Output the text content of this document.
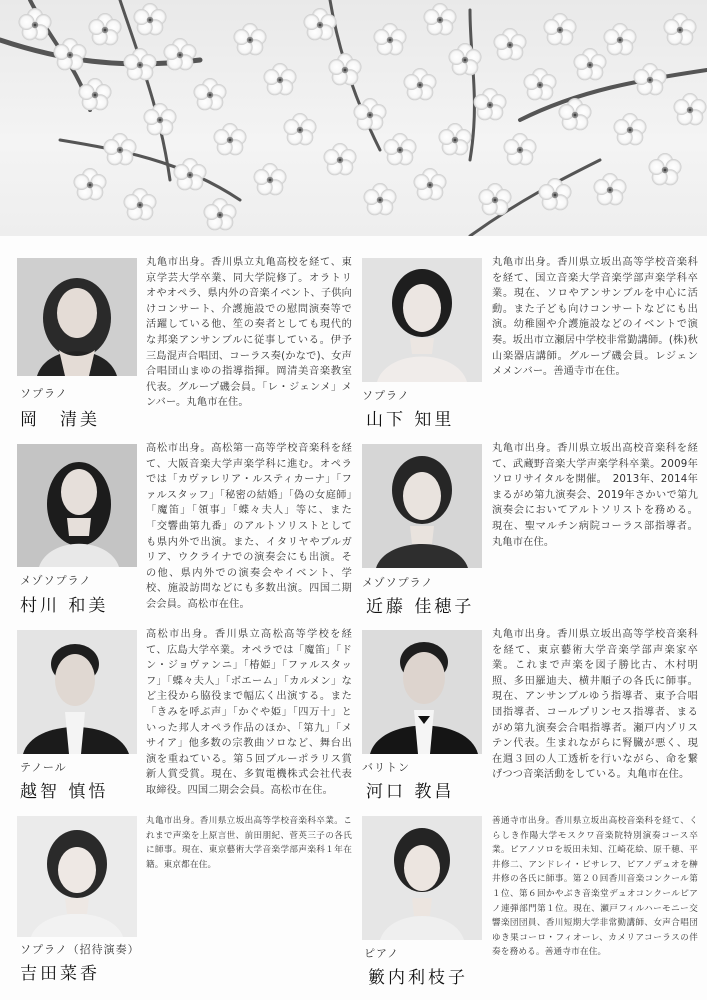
丸亀市出身。香川県立丸亀高校を経て、東京学芸大学卒業、同大学院修了。オラトリオやオペラ、県内外の音楽イベント、子供向けコンサート、介護施設での慰問演奏等で活躍している他、笙の奏者としても現代的な邦楽アンサンブルに従事している。伊予三島混声合唱団、コーラス奏(かなで)、女声合唱団山まゆの指導指揮。岡清美音楽教室代表。グループ磯会員。「レ・ジェンメ」メンバー。丸亀市在住。
ソプラノ
岡　清美
丸亀市出身。香川県立坂出高等学校音楽科を経て、国立音楽大学音楽学部声楽学科卒業。現在、ソロやアンサンブルを中心に活動。また子ども向けコンサートなどにも出演。幼稚園や介護施設などのイベントで演奏。坂出市立瀬居中学校非常勤講師。(株)秋山楽器店講師。グループ磯会員。レジェンメメンバー。善通寺市在住。
ソプラノ
山下 知里
高松市出身。高松第一高等学校音楽科を経て、大阪音楽大学声楽学科に進む。オペラでは「カヴァレリア・ルスティカーナ」「ファルスタッフ」「秘密の結婚」「偽の女庭師」「魔笛」「領事」「蝶々夫人」等に、また「交響曲第九番」のアルトソリストとしても県内外で出演。また、イタリヤやブルガリア、ウクライナでの演奏会にも出演。その他、県内外での演奏会やイベント、学校、施設訪問などにも多数出演。四国二期会会員。高松市在住。
メゾソプラノ
村川 和美
丸亀市出身。香川県立坂出高校音楽科を経て、武蔵野音楽大学声楽学科卒業。2009年ソロリサイタルを開催。　2013年、2014年まるがめ第九演奏会、2019年さかいで第九演奏会においてアルトソリストを務める。現在、聖マルチン病院コーラス部指導者。丸亀市在住。
メゾソプラノ
近藤 佳穂子
高松市出身。香川県立高松高等学校を経て、広島大学卒業。オペラでは「魔笛」「ドン・ジョヴァンニ」「椿姫」「ファルスタッフ」「蝶々夫人」「ボエーム」「カルメン」など主役から脇役まで幅広く出演する。また「きみを呼ぶ声」「かぐや姫」「四万十」といった邦人オペラ作品のほか、「第九」「メサイア」他多数の宗教曲ソロなど、舞台出演を重ねている。第５回ブルーポラリス賞新人賞受賞。現在、多賀電機株式会社代表取締役。四国二期会会員。高松市在住。
テノール
越智 慎悟
丸亀市出身。香川県立坂出高等学校音楽科を経て、東京藝術大学音楽学部声楽家卒業。これまで声楽を図子勝比古、木村明照、多田羅迪夫、横井順子の各氏に師事。現在、アンサンブルゆう指導者、東予合唱団指導者、コールプリンセス指導者、まるがめ第九演奏会合唱指導者。瀬戸内ゾリステン代表。生まれながらに腎臓が悪く、現在週３回の人工透析を行いながら、命を繋げつつ音楽活動をしている。丸亀市在住。
バリトン
河口 教昌
丸亀市出身。香川県立坂出高等学校音楽科卒業。これまで声楽を上原言世、前田朋紀、菅英三子の各氏に師事。現在、東京藝術大学音楽学部声楽科１年在籍。東京都在住。
ソプラノ（招待演奏）
吉田菜香
善通寺市出身。香川県立坂出高校音楽科を経て、くらしき作陽大学モスクワ音楽院特別演奏コース卒業。ピアノソロを坂田未知、江崎花絵、原千穂、平井修二、アンドレイ・ピサレフ、ピアノデュオを榊井修の各氏に師事。第２０回香川音楽コンクール第１位、第６回かやぶき音楽堂デュオコンクールピアノ連弾部門第１位。現在、瀬戸フィルハーモニー交響楽団団員、香川短期大学非常勤講師、女声合唱団ゆき果コーロ・フィオーレ、カメリアコーラスの伴奏を務める。善通寺市在住。
ピアノ
籔内利枝子
